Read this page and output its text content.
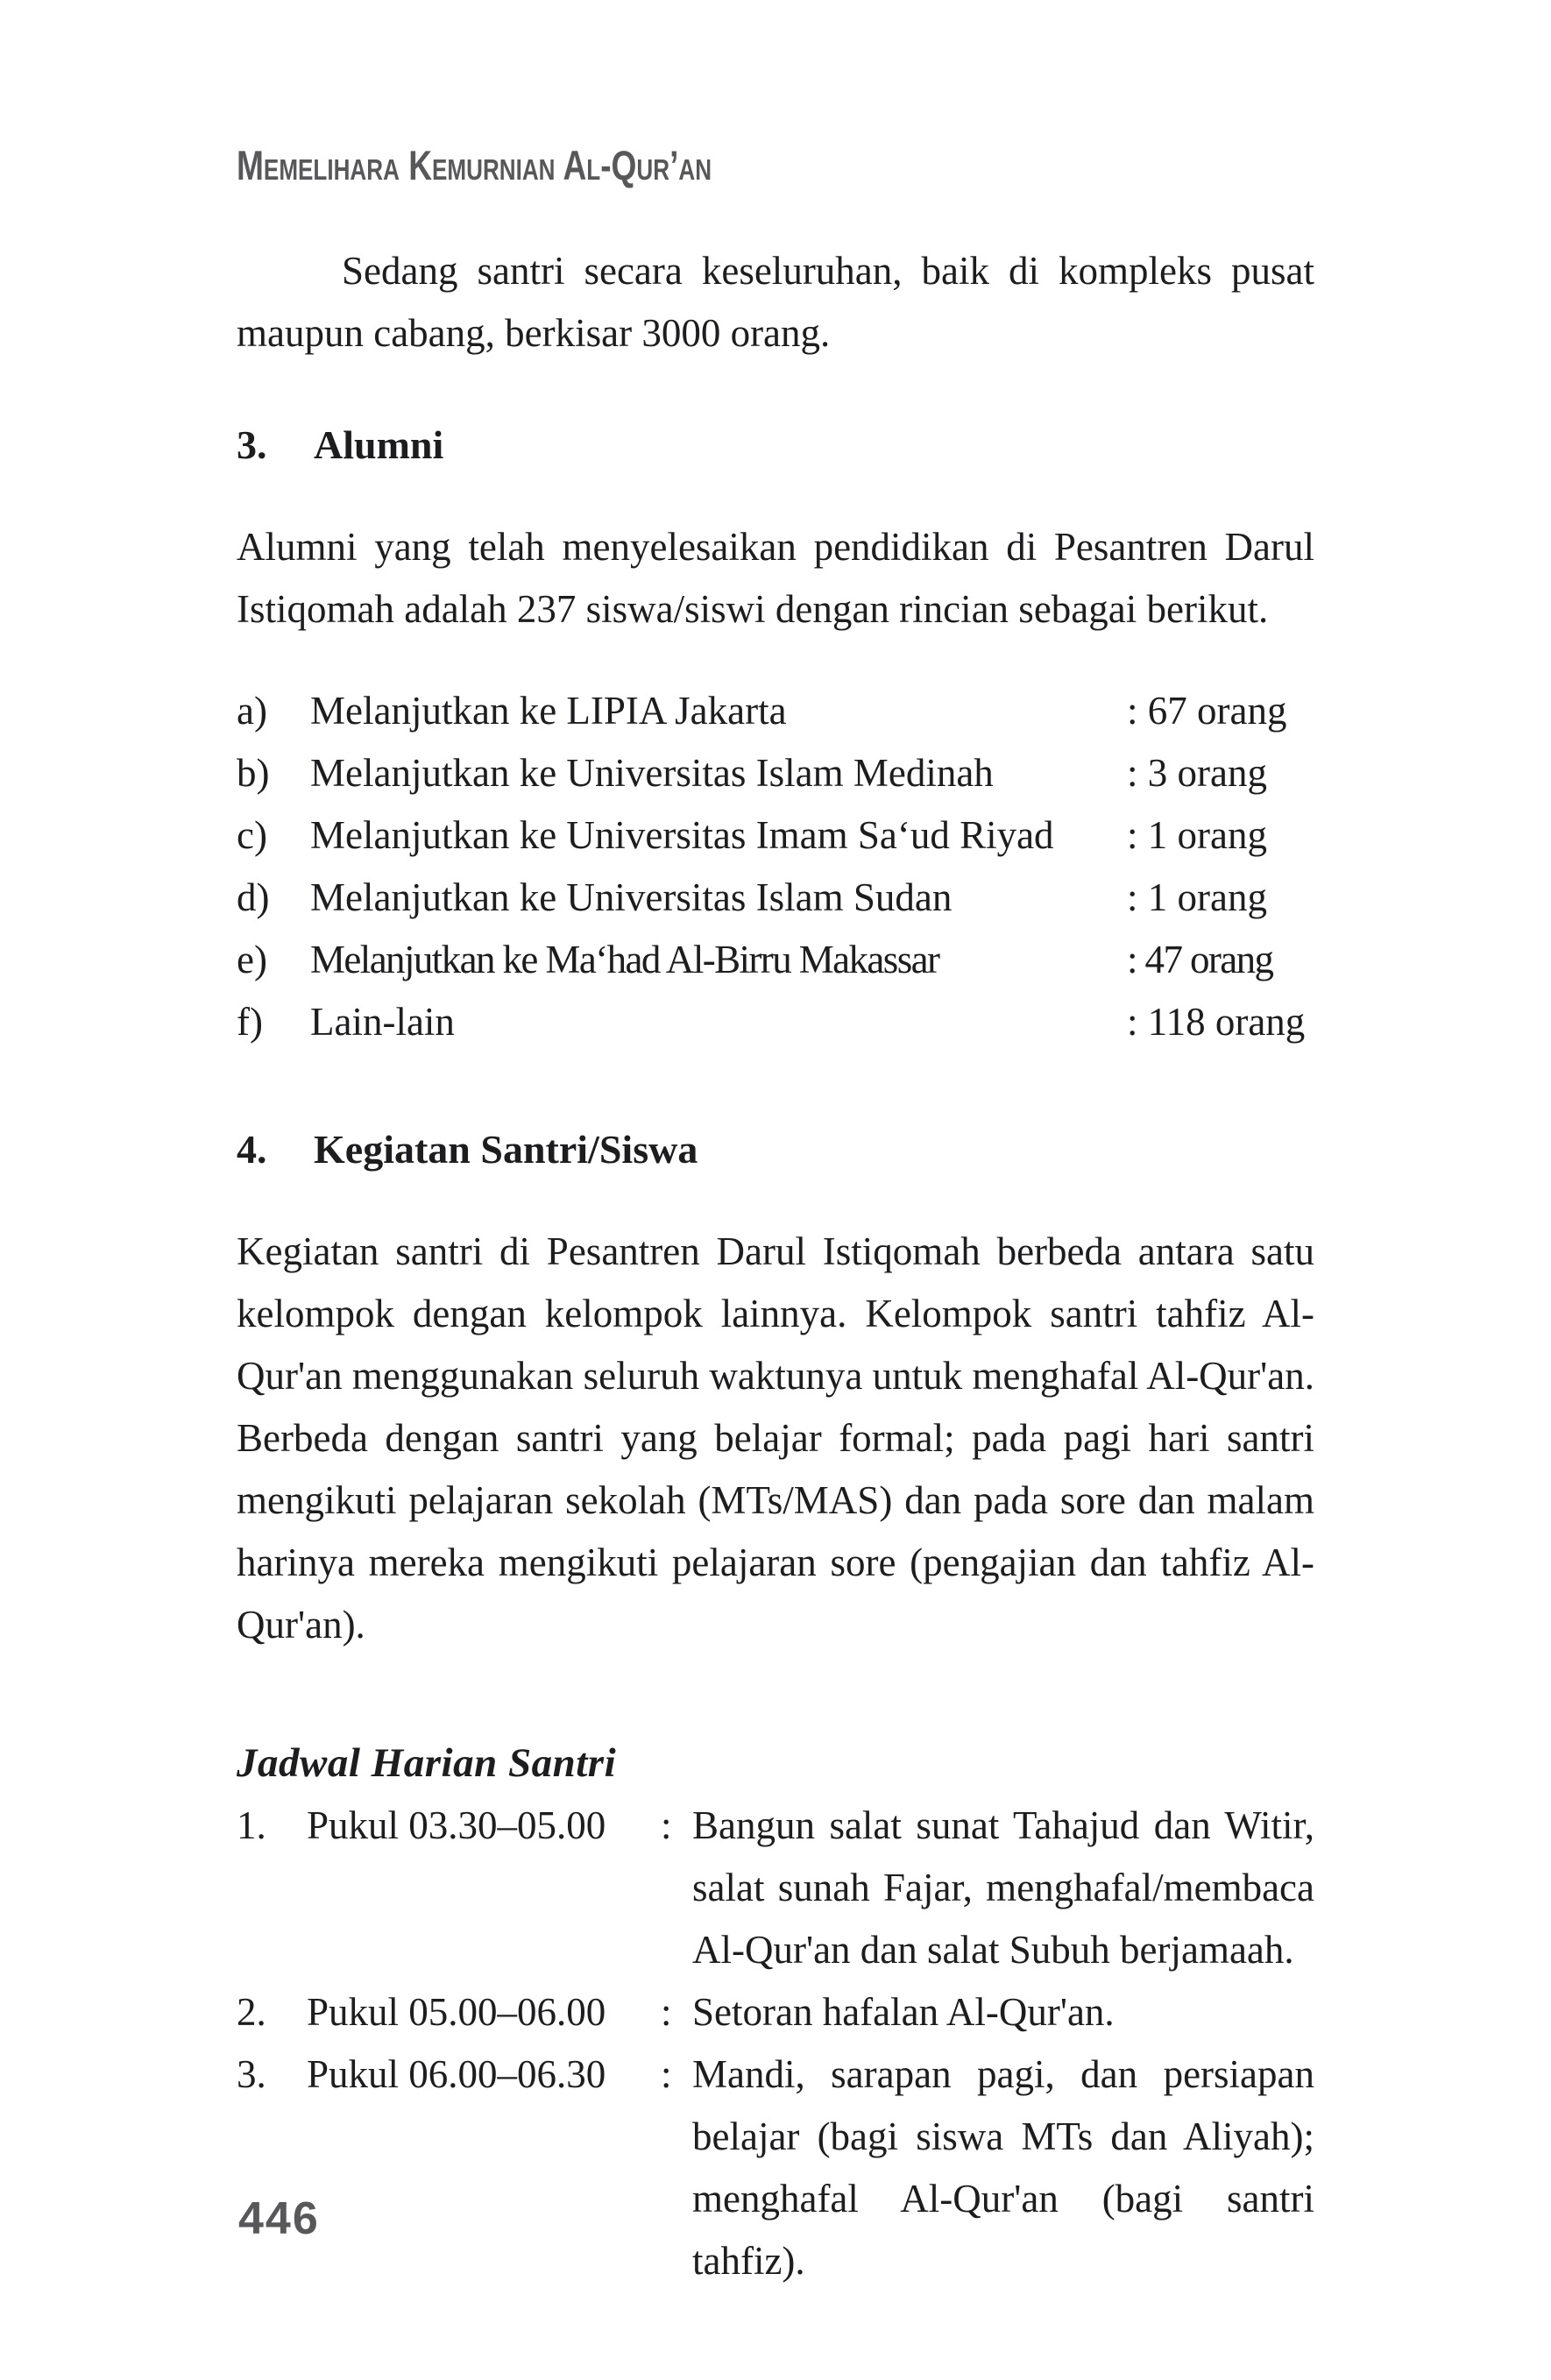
Memelihara Kemurnian Al-Qur’an

Sedang santri secara keseluruhan, baik di kompleks pusat maupun cabang, berkisar 3000 orang.

3.	Alumni

Alumni yang telah menyelesaikan pendidikan di Pesantren Darul Istiqomah adalah 237 siswa/siswi dengan rincian sebagai berikut.

a)	Melanjutkan ke LIPIA Jakarta	: 67 orang
b)	Melanjutkan ke Universitas Islam Medinah	: 3 orang
c)	Melanjutkan ke Universitas Imam Sa‘ud Riyad : 1 orang
d)	Melanjutkan ke Universitas Islam Sudan	: 1 orang
e)	Melanjutkan ke Ma‘had Al-Birru Makassar	: 47 orang
f)	Lain-lain	: 118 orang
4.	Kegiatan Santri/Siswa

Kegiatan santri di Pesantren Darul Istiqomah berbeda antara satu kelompok dengan kelompok lainnya. Kelompok santri tahfiz Al-Qur'an menggunakan seluruh waktunya untuk menghafal Al-Qur'an. Berbeda dengan santri yang belajar formal; pada pagi hari santri mengikuti pelajaran sekolah (MTs/MAS) dan pada sore dan malam harinya mereka mengikuti pelajaran sore (pengajian dan tahfiz Al-Qur'an).

Jadwal Harian Santri
1.	Pukul 03.30–05.00	: Bangun salat sunat Tahajud dan Witir, salat sunah Fajar, menghafal/membaca Al-Qur'an dan salat Subuh berjamaah.
2.	Pukul 05.00–06.00	: Setoran hafalan Al-Qur'an.
3.	Pukul 06.00–06.30	: Mandi, sarapan pagi, dan persiapan belajar (bagi siswa MTs dan Aliyah); menghafal Al-Qur'an (bagi santri tahfiz).
446
